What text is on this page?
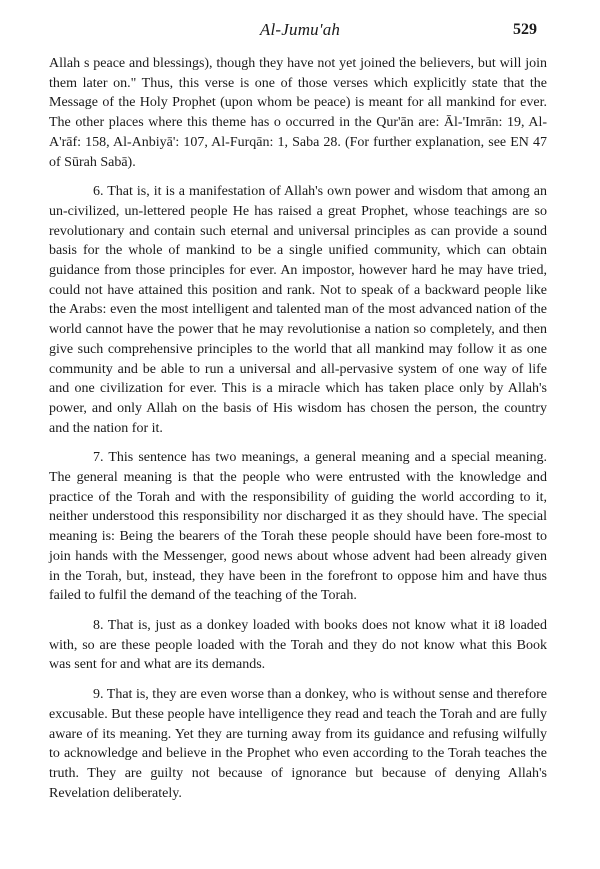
Al-Jumu'ah	529

Allah s peace and blessings), though they have not yet joined the believers, but will join them later on." Thus, this verse is one of those verses which explicitly state that the Message of the Holy Prophet (upon whom be peace) is meant for all mankind for ever. The other places where this theme has o occurred in the Qur'ān are: Āl-'Imrān: 19, Al-A'rāf: 158, Al-Anbiyā': 107, Al-Furqān: 1, Saba 28. (For further explanation, see EN 47 of Sūrah Sabā).

6. That is, it is a manifestation of Allah's own power and wisdom that among an un-civilized, un-lettered people He has raised a great Prophet, whose teachings are so revolutionary and contain such eternal and universal principles as can provide a sound basis for the whole of mankind to be a single unified community, which can obtain guidance from those principles for ever. An impostor, however hard he may have tried, could not have attained this position and rank. Not to speak of a backward people like the Arabs: even the most intelligent and talented man of the most advanced nation of the world cannot have the power that he may revolutionise a nation so completely, and then give such comprehensive principles to the world that all mankind may follow it as one community and be able to run a universal and all-pervasive system of one way of life and one civilization for ever. This is a miracle which has taken place only by Allah's power, and only Allah on the basis of His wisdom has chosen the person, the country and the nation for it.

7. This sentence has two meanings, a general meaning and a special meaning. The general meaning is that the people who were entrusted with the knowledge and practice of the Torah and with the responsibility of guiding the world according to it, neither understood this responsibility nor discharged it as they should have. The special meaning is: Being the bearers of the Torah these people should have been fore-most to join hands with the Messenger, good news about whose advent had been already given in the Torah, but, instead, they have been in the forefront to oppose him and have thus failed to fulfil the demand of the teaching of the Torah.

8. That is, just as a donkey loaded with books does not know what it i8 loaded with, so are these people loaded with the Torah and they do not know what this Book was sent for and what are its demands.

9. That is, they are even worse than a donkey, who is without sense and therefore excusable. But these people have intelligence they read and teach the Torah and are fully aware of its meaning. Yet they are turning away from its guidance and refusing wilfully to acknowledge and believe in the Prophet who even according to the Torah teaches the truth. They are guilty not because of ignorance but because of denying Allah's Revelation deliberately.
